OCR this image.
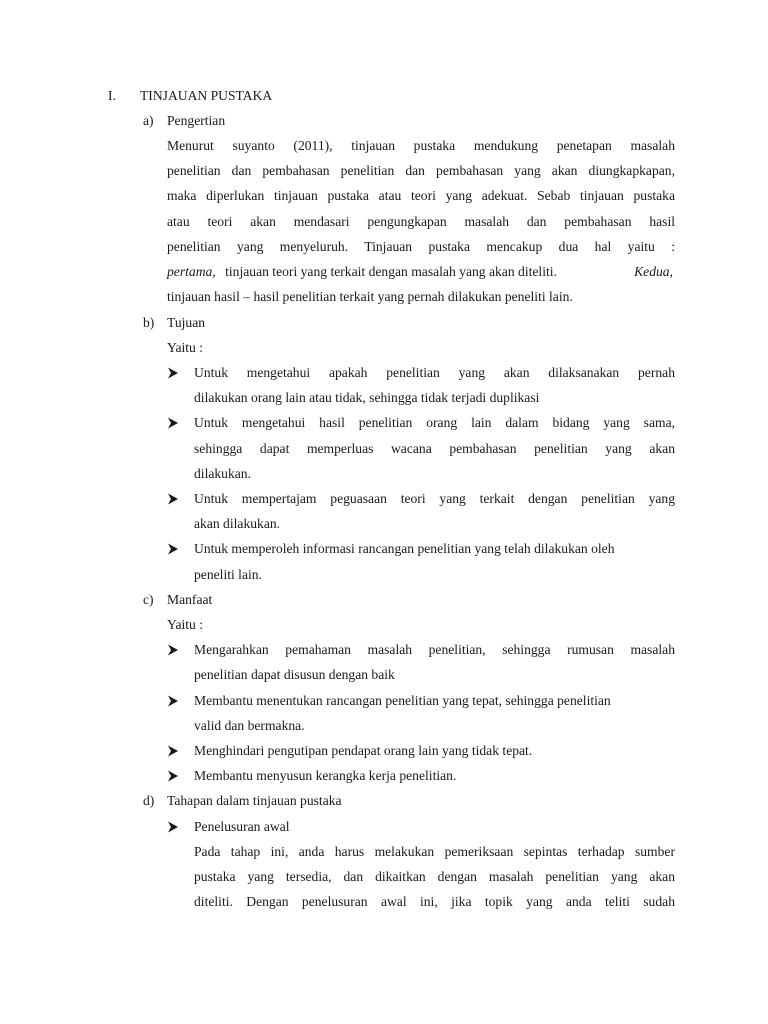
I. TINJAUAN PUSTAKA
a) Pengertian
Menurut suyanto (2011), tinjauan pustaka mendukung penetapan masalah
penelitian dan pembahasan penelitian dan pembahasan yang akan diungkapkapan,
maka diperlukan tinjauan pustaka atau teori yang adekuat. Sebab tinjauan pustaka
atau teori akan mendasari pengungkapan masalah dan pembahasan hasil
penelitian yang menyeluruh. Tinjauan pustaka mencakup dua hal yaitu :
pertama, tinjauan teori yang terkait dengan masalah yang akan diteliti.	Kedua,
tinjauan hasil – hasil penelitian terkait yang pernah dilakukan peneliti lain.
b) Tujuan
Yaitu :
Untuk mengetahui apakah penelitian yang akan dilaksanakan pernah
dilakukan orang lain atau tidak, sehingga tidak terjadi duplikasi
Untuk mengetahui hasil penelitian orang lain dalam bidang yang sama,
sehingga dapat memperluas wacana pembahasan penelitian yang akan
dilakukan.
Untuk mempertajam peguasaan teori yang terkait dengan penelitian yang
akan dilakukan.
Untuk memperoleh informasi rancangan penelitian yang telah dilakukan oleh
peneliti lain.
c) Manfaat
Yaitu :
Mengarahkan pemahaman masalah penelitian, sehingga rumusan masalah
penelitian dapat disusun dengan baik
Membantu menentukan rancangan penelitian yang tepat, sehingga penelitian
valid dan bermakna.
Menghindari pengutipan pendapat orang lain yang tidak tepat.
Membantu menyusun kerangka kerja penelitian.
d) Tahapan dalam tinjauan pustaka
Penelusuran awal
Pada tahap ini, anda harus melakukan pemeriksaan sepintas terhadap sumber
pustaka yang tersedia, dan dikaitkan dengan masalah penelitian yang akan
diteliti. Dengan penelusuran awal ini, jika topik yang anda teliti sudah
